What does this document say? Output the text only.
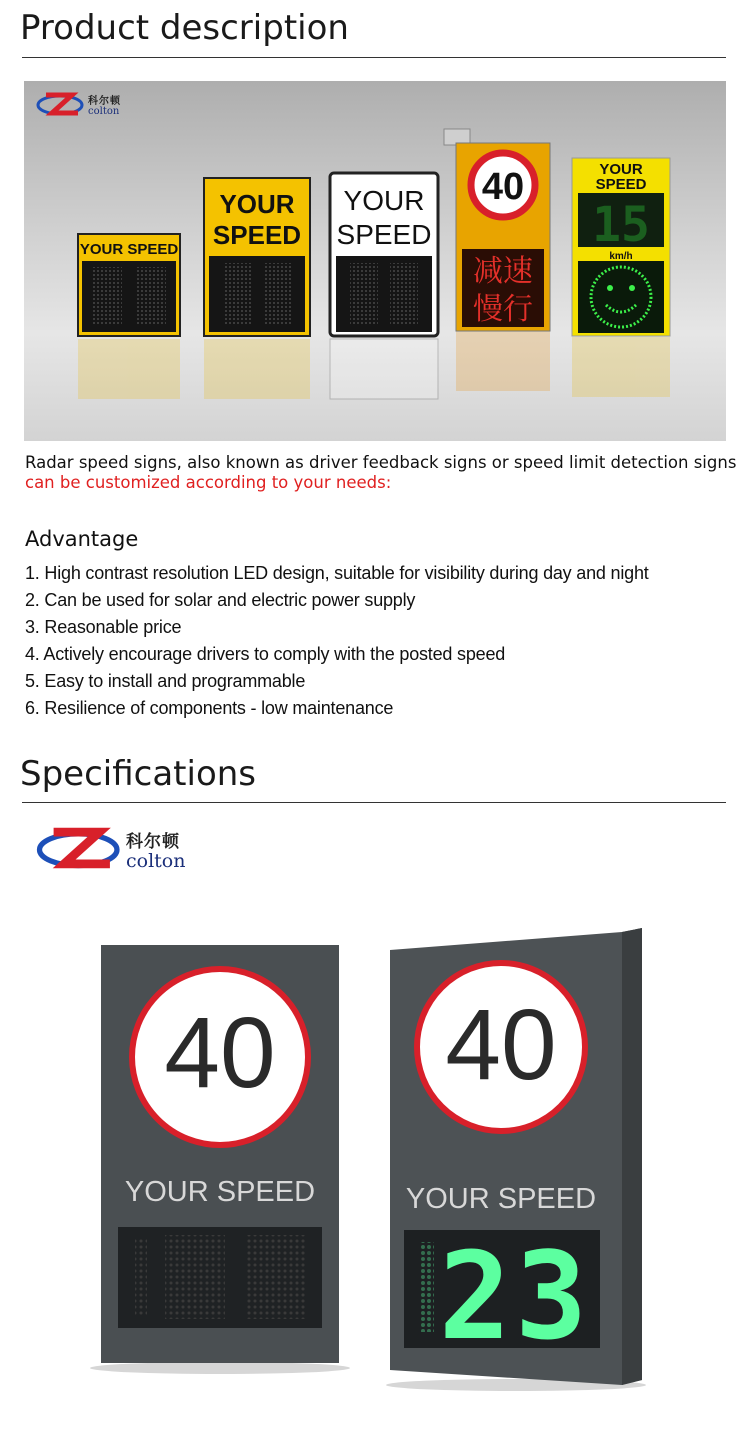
Product description
科尔顿
colton
YOUR SPEED
YOUR
SPEED
YOUR
SPEED
40
减速
慢行
YOUR
SPEED
15
km/h
Radar speed signs, also known as driver feedback signs or speed limit detection signs
can be customized according to your needs:
Advantage
1. High contrast resolution LED design, suitable for visibility during day and night
2. Can be used for solar and electric power supply
3. Reasonable price
4. Actively encourage drivers to comply with the posted speed
5. Easy to install and programmable
6. Resilience of components - low maintenance
Specifications
科尔顿
colton
40
YOUR SPEED
40
YOUR SPEED
23
